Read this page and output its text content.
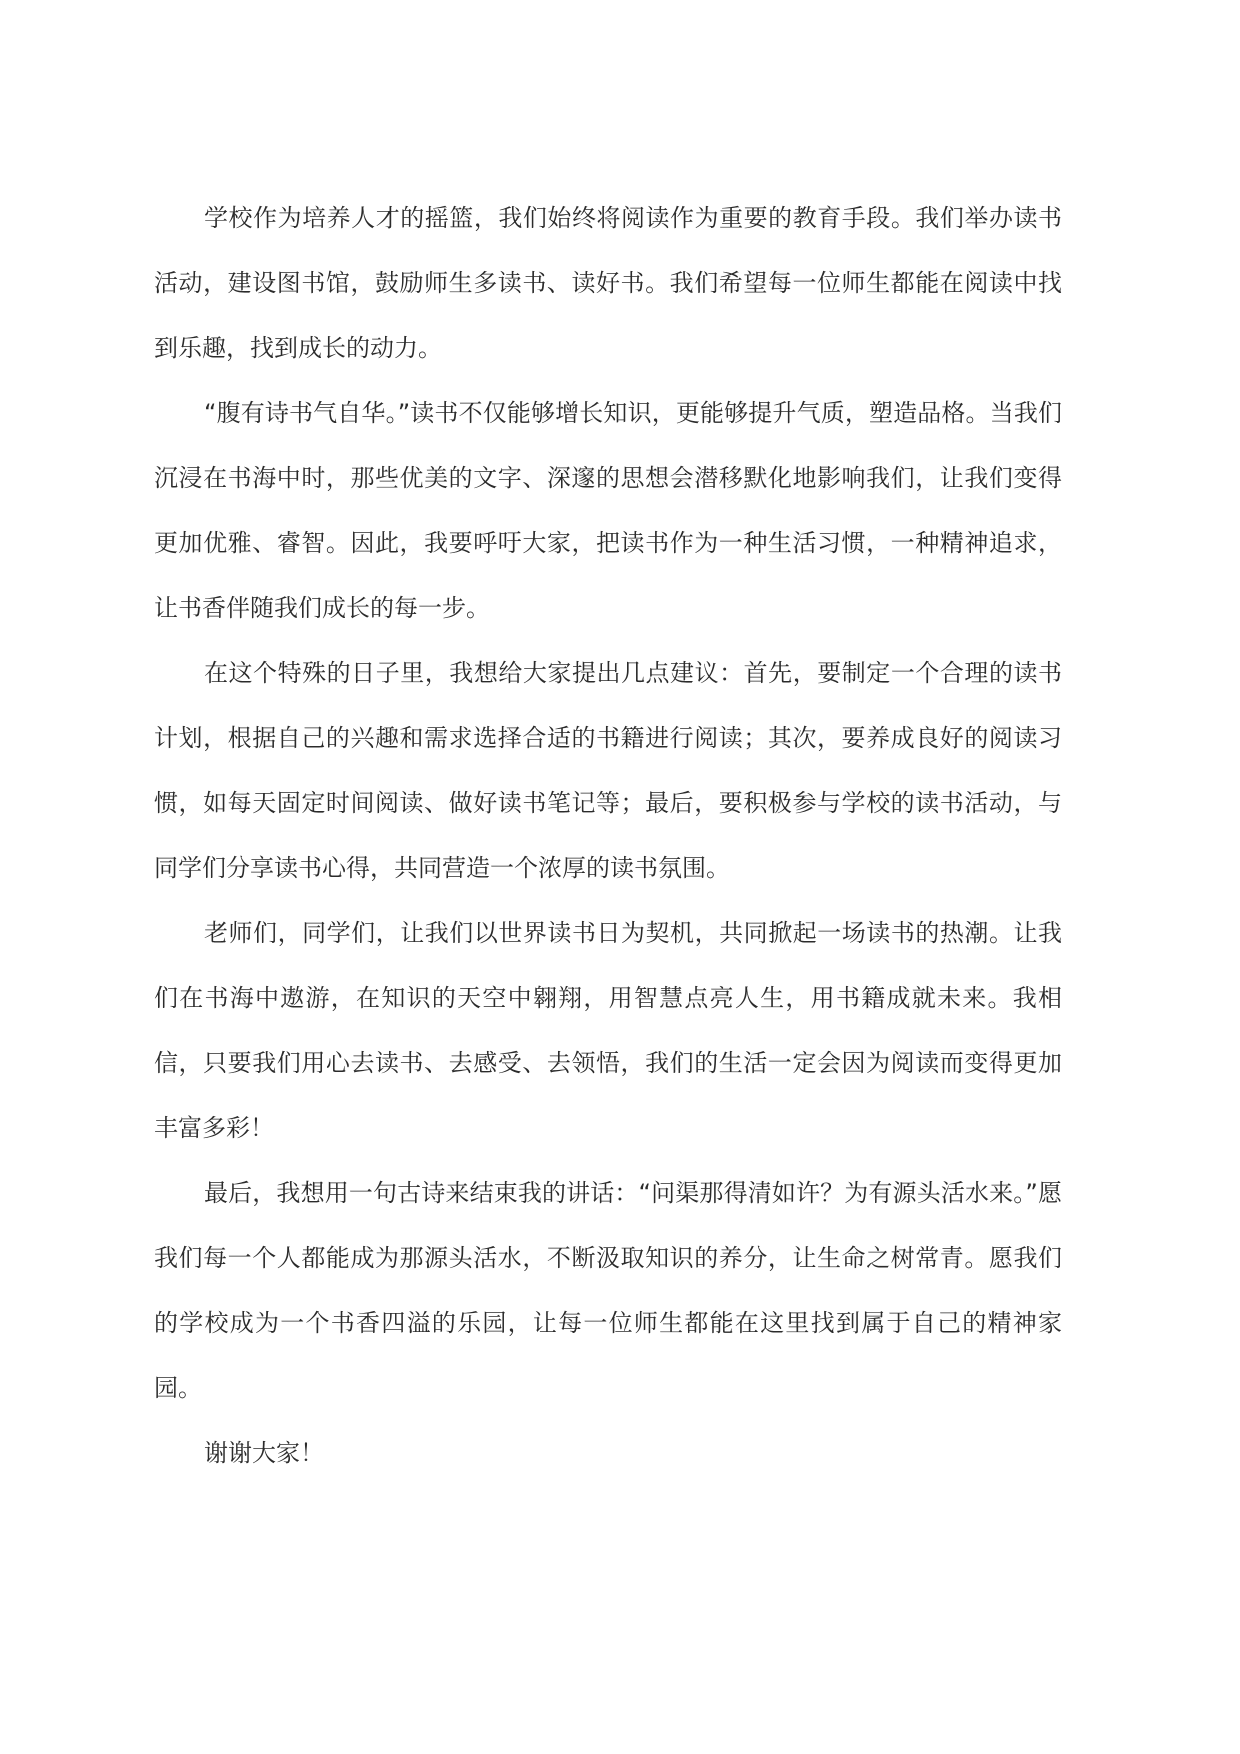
学校作为培养人才的摇篮，我们始终将阅读作为重要的教育手段。我们举办读书活动，建设图书馆，鼓励师生多读书、读好书。我们希望每一位师生都能在阅读中找到乐趣，找到成长的动力。

“腹有诗书气自华。”读书不仅能够增长知识，更能够提升气质，塑造品格。当我们沉浸在书海中时，那些优美的文字、深邃的思想会潜移默化地影响我们，让我们变得更加优雅、睿智。因此，我要呼吁大家，把读书作为一种生活习惯，一种精神追求，让书香伴随我们成长的每一步。

在这个特殊的日子里，我想给大家提出几点建议：首先，要制定一个合理的读书计划，根据自己的兴趣和需求选择合适的书籍进行阅读；其次，要养成良好的阅读习惯，如每天固定时间阅读、做好读书笔记等；最后，要积极参与学校的读书活动，与同学们分享读书心得，共同营造一个浓厚的读书氛围。

老师们，同学们，让我们以世界读书日为契机，共同掀起一场读书的热潮。让我们在书海中遨游，在知识的天空中翱翔，用智慧点亮人生，用书籍成就未来。我相信，只要我们用心去读书、去感受、去领悟，我们的生活一定会因为阅读而变得更加丰富多彩！

最后，我想用一句古诗来结束我的讲话：“问渠那得清如许？为有源头活水来。”愿我们每一个人都能成为那源头活水，不断汲取知识的养分，让生命之树常青。愿我们的学校成为一个书香四溢的乐园，让每一位师生都能在这里找到属于自己的精神家园。

谢谢大家！
